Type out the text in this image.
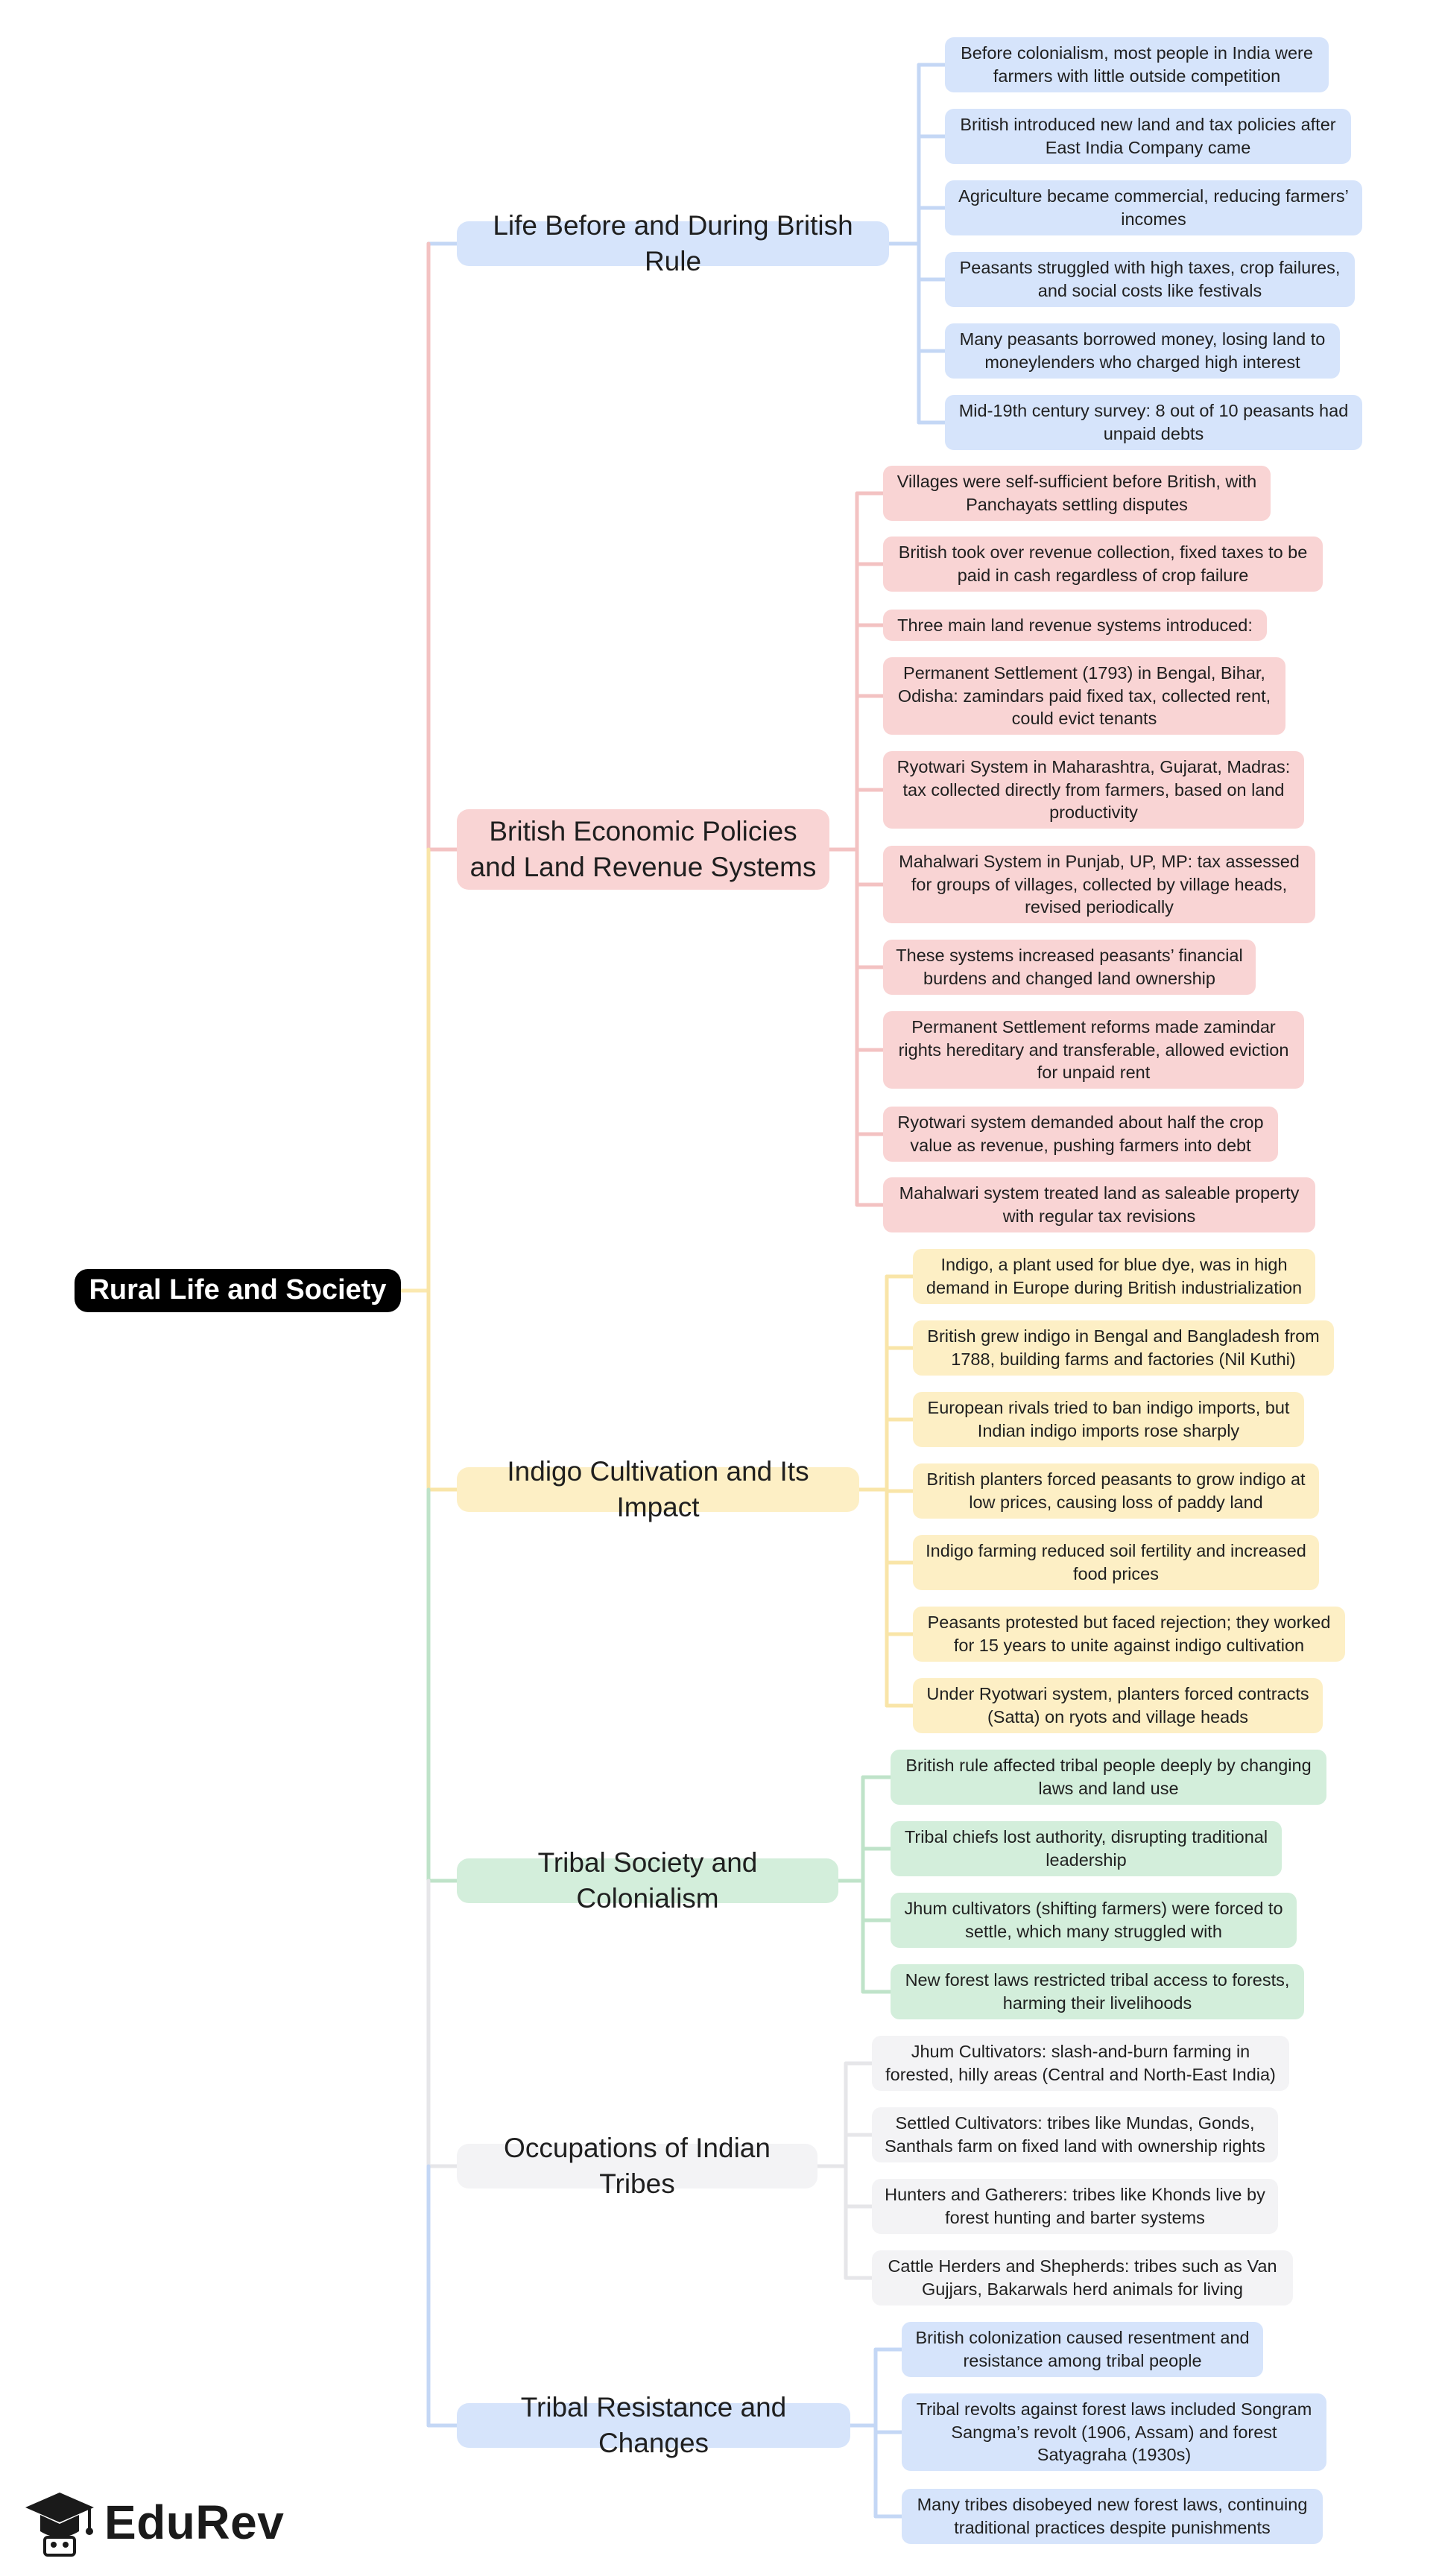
Rural Life and Society
Life Before and During British Rule
Before colonialism, most people in India were farmers with little outside competition
British introduced new land and tax policies after East India Company came
Agriculture became commercial, reducing farmers’ incomes
Peasants struggled with high taxes, crop failures, and social costs like festivals
Many peasants borrowed money, losing land to moneylenders who charged high interest
Mid-19th century survey: 8 out of 10 peasants had unpaid debts
British Economic Policies and Land Revenue Systems
Villages were self-sufficient before British, with Panchayats settling disputes
British took over revenue collection, fixed taxes to be paid in cash regardless of crop failure
Three main land revenue systems introduced:
Permanent Settlement (1793) in Bengal, Bihar, Odisha: zamindars paid fixed tax, collected rent, could evict tenants
Ryotwari System in Maharashtra, Gujarat, Madras: tax collected directly from farmers, based on land productivity
Mahalwari System in Punjab, UP, MP: tax assessed for groups of villages, collected by village heads, revised periodically
These systems increased peasants’ financial burdens and changed land ownership
Permanent Settlement reforms made zamindar rights hereditary and transferable, allowed eviction for unpaid rent
Ryotwari system demanded about half the crop value as revenue, pushing farmers into debt
Mahalwari system treated land as saleable property with regular tax revisions
Indigo Cultivation and Its Impact
Indigo, a plant used for blue dye, was in high demand in Europe during British industrialization
British grew indigo in Bengal and Bangladesh from 1788, building farms and factories (Nil Kuthi)
European rivals tried to ban indigo imports, but Indian indigo imports rose sharply
British planters forced peasants to grow indigo at low prices, causing loss of paddy land
Indigo farming reduced soil fertility and increased food prices
Peasants protested but faced rejection; they worked for 15 years to unite against indigo cultivation
Under Ryotwari system, planters forced contracts (Satta) on ryots and village heads
Tribal Society and Colonialism
British rule affected tribal people deeply by changing laws and land use
Tribal chiefs lost authority, disrupting traditional leadership
Jhum cultivators (shifting farmers) were forced to settle, which many struggled with
New forest laws restricted tribal access to forests, harming their livelihoods
Occupations of Indian Tribes
Jhum Cultivators: slash-and-burn farming in forested, hilly areas (Central and North-East India)
Settled Cultivators: tribes like Mundas, Gonds, Santhals farm on fixed land with ownership rights
Hunters and Gatherers: tribes like Khonds live by forest hunting and barter systems
Cattle Herders and Shepherds: tribes such as Van Gujjars, Bakarwals herd animals for living
Tribal Resistance and Changes
British colonization caused resentment and resistance among tribal people
Tribal revolts against forest laws included Songram Sangma’s revolt (1906, Assam) and forest Satyagraha (1930s)
Many tribes disobeyed new forest laws, continuing traditional practices despite punishments
EduRev
